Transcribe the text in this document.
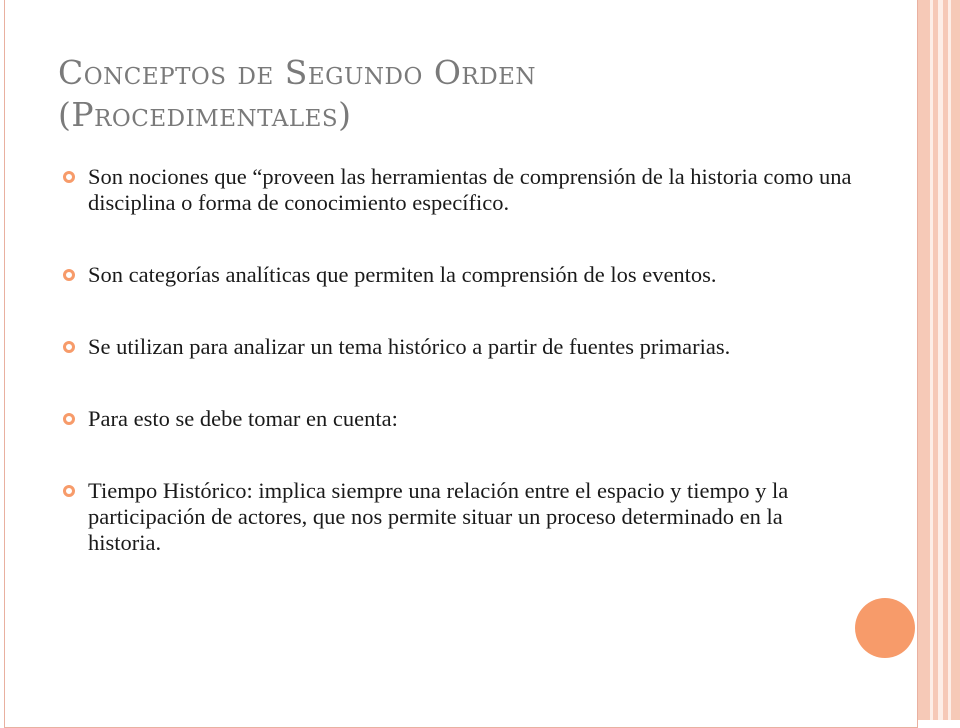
Conceptos de Segundo Orden
(Procedimentales)
Son nociones que “proveen las herramientas de comprensión de la historia como una disciplina o forma de conocimiento específico.
Son categorías analíticas que permiten la comprensión de los eventos.
Se utilizan para analizar un tema histórico a partir de fuentes primarias.
Para esto se debe tomar en cuenta:
Tiempo Histórico: implica siempre una relación entre el espacio y tiempo y la participación de actores, que nos permite situar un proceso determinado en la historia.
